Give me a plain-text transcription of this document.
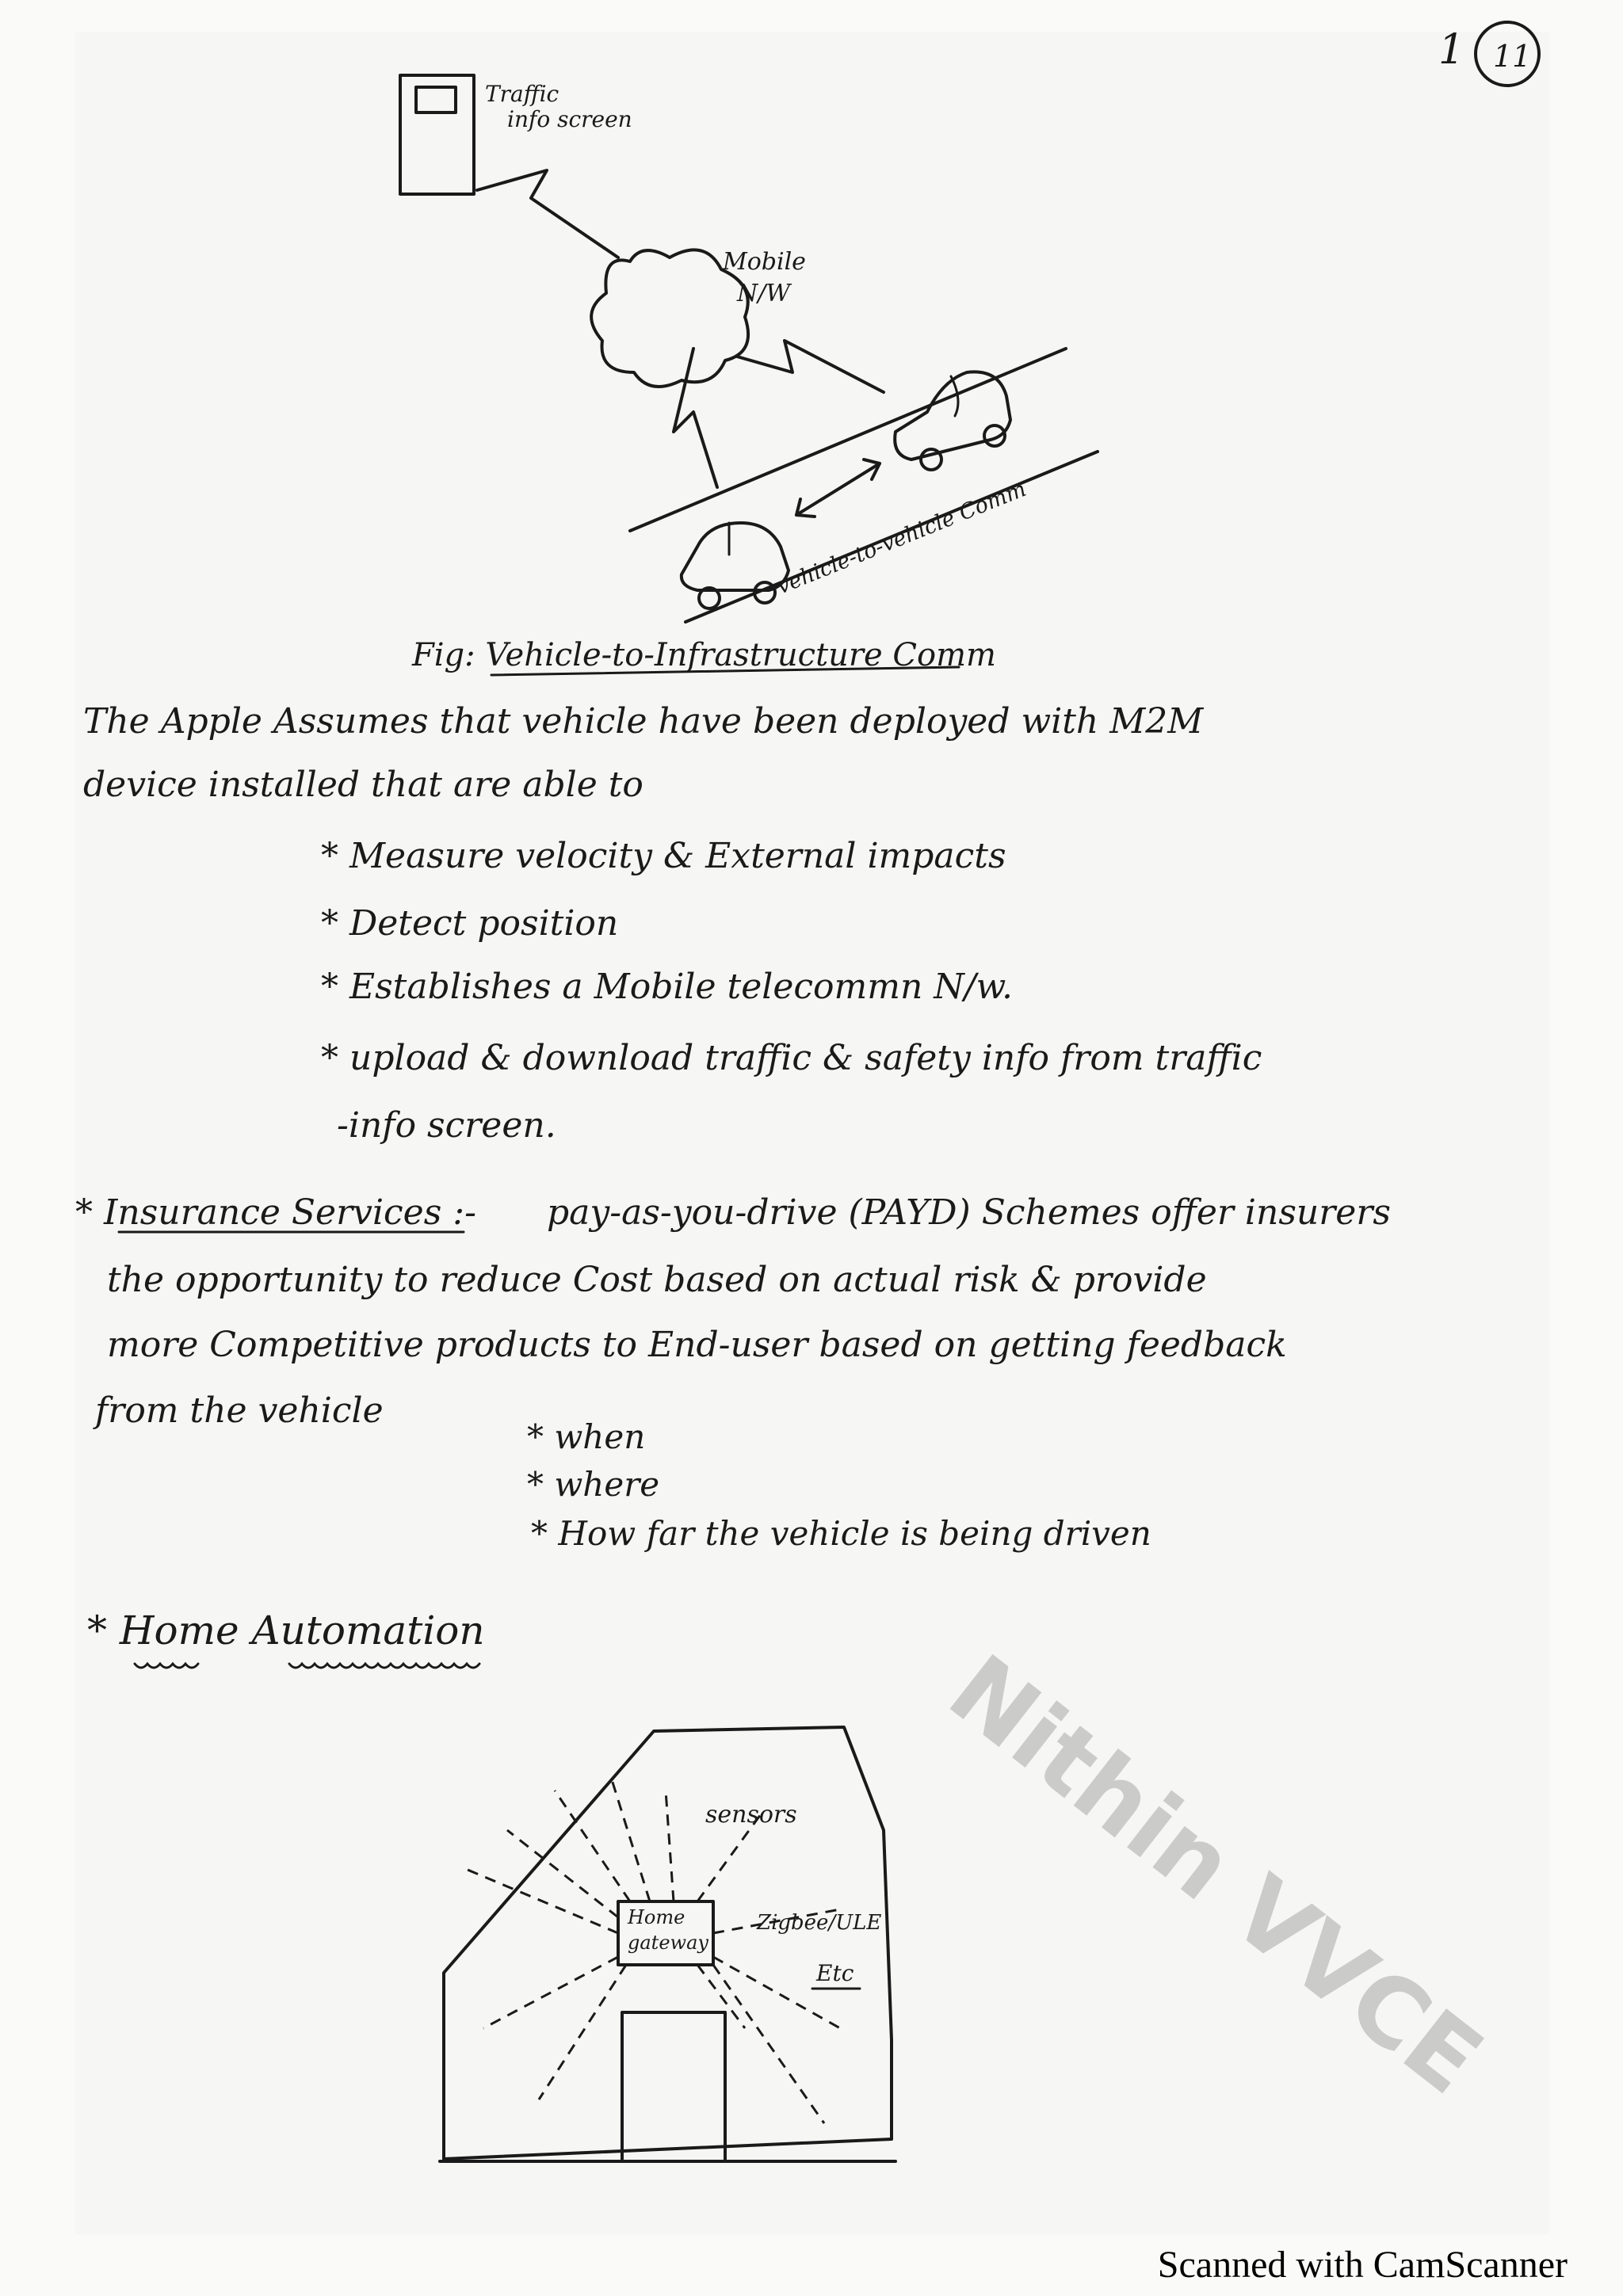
1 11
Traffic
info screen
Mobile
N/W
vehicle-to-vehicle Comm
Fig: Vehicle-to-Infrastructure Comm
The Apple Assumes that vehicle have been deployed with M2M
device installed that are able to
* Measure velocity & External impacts
* Detect position
* Establishes a Mobile telecommn N/w.
* upload & download traffic & safety info from traffic
-info screen.
* Insurance Services :- pay-as-you-drive (PAYD) Schemes offer insurers
the opportunity to reduce Cost based on actual risk & provide
more Competitive products to End-user based on getting feedback
from the vehicle
* when
* where
* How far the vehicle is being driven
* Home Automation
Home
gateway
sensors
Zigbee/ULE
Etc Nithin VVCE
Scanned with CamScanner
